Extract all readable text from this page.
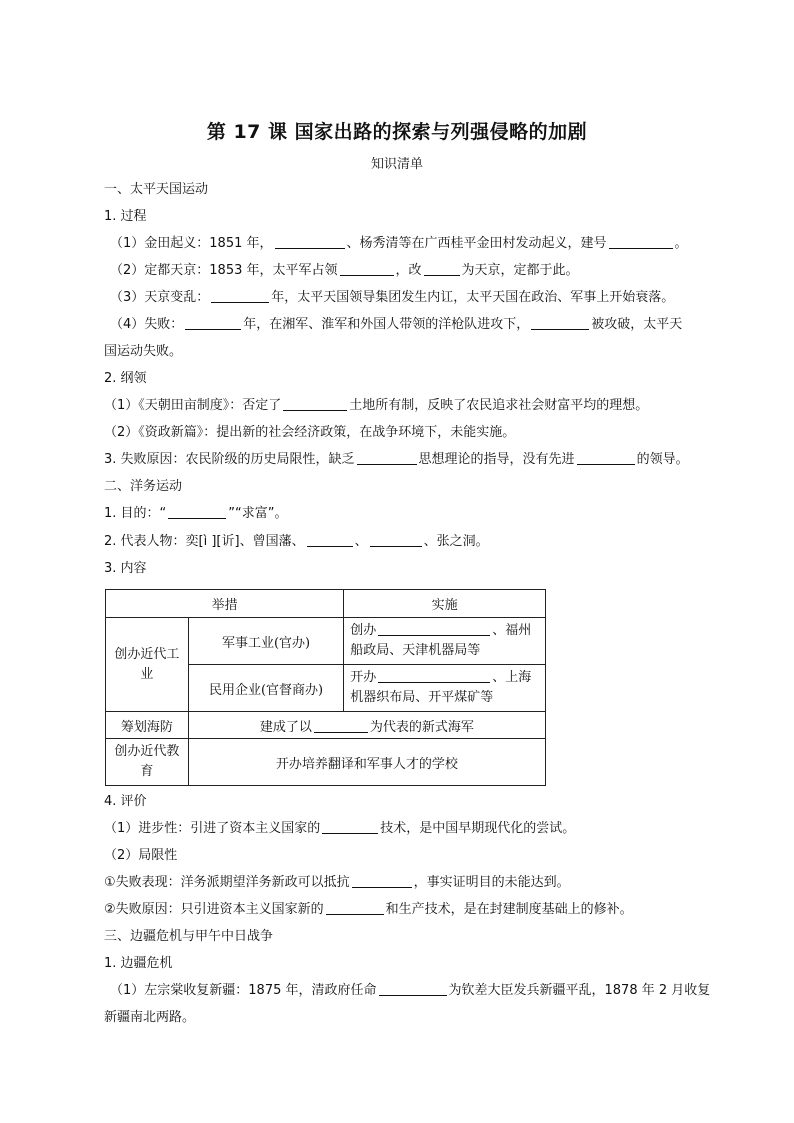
第 17 课 国家出路的探索与列强侵略的加剧
知识清单
一、太平天国运动
1. 过程
（1）金田起义：1851 年，	、杨秀清等在广西桂平金田村发动起义，建号	。
（2）定都天京：1853 年，太平军占领	，改	为天京，定都于此。
（3）天京变乱：	年，太平天国领导集团发生内讧，太平天国在政治、军事上开始衰落。
（4）失败：	年，在湘军、淮军和外国人带领的洋枪队进攻下，	被攻破，太平天
国运动失败。
2. 纲领
（1）《天朝田亩制度》：否定了	土地所有制，反映了农民追求社会财富平均的理想。
（2）《资政新篇》：提出新的社会经济政策，在战争环境下，未能实施。
3. 失败原因：农民阶级的历史局限性，缺乏	思想理论的指导，没有先进	的领导。
二、洋务运动
1. 目的：“	”“求富”。
2. 代表人物：奕[ì ][䜣]、曾国藩、	、	、张之洞。
3. 内容
举措		实施
创办近代工业	军事工业(官办)	创办 、福州船政局、天津机器局等
	民用企业(官督商办)	开办 、上海机器织布局、开平煤矿等
筹划海防	建成了以 为代表的新式海军	
创办近代教育	开办培养翻译和军事人才的学校	
4. 评价
（1）进步性：引进了资本主义国家的	技术，是中国早期现代化的尝试。
（2）局限性
①失败表现：洋务派期望洋务新政可以抵抗	，事实证明目的未能达到。
②失败原因：只引进资本主义国家新的	和生产技术，是在封建制度基础上的修补。
三、边疆危机与甲午中日战争
1. 边疆危机
（1）左宗棠收复新疆：1875 年，清政府任命	为钦差大臣发兵新疆平乱，1878 年 2 月收复
新疆南北两路。
